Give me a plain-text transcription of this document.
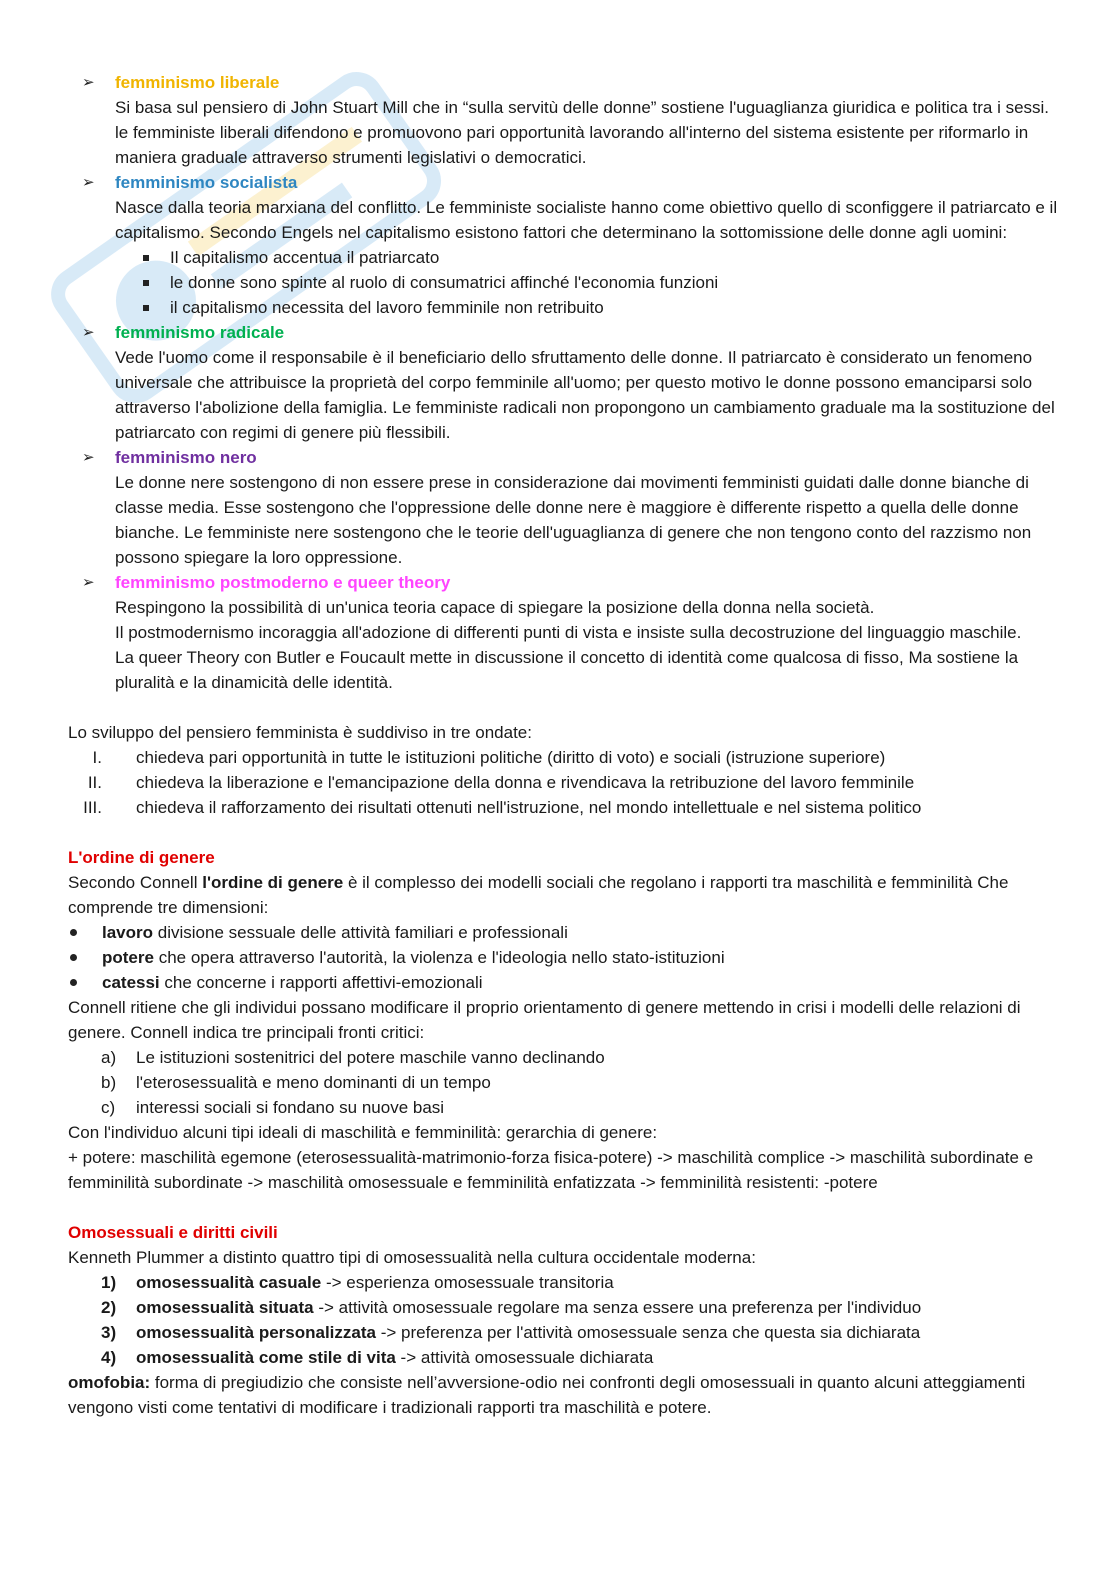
➢	femminismo liberale
Si basa sul pensiero di John Stuart Mill che in “sulla servitù delle donne” sostiene l'uguaglianza giuridica e politica tra i sessi. le femministe liberali difendono e promuovono pari opportunità lavorando all'interno del sistema esistente per riformarlo in maniera graduale attraverso strumenti legislativi o democratici.
➢	femminismo socialista
Nasce dalla teoria marxiana del conflitto. Le femministe socialiste hanno come obiettivo quello di sconfiggere il patriarcato e il capitalismo. Secondo Engels nel capitalismo esistono fattori che determinano la sottomissione delle donne agli uomini:
Il capitalismo accentua il patriarcato
le donne sono spinte al ruolo di consumatrici affinché l'economia funzioni
il capitalismo necessita del lavoro femminile non retribuito
➢	femminismo radicale
Vede l'uomo come il responsabile è il beneficiario dello sfruttamento delle donne. Il patriarcato è considerato un fenomeno universale che attribuisce la proprietà del corpo femminile all'uomo; per questo motivo le donne possono emanciparsi solo attraverso l'abolizione della famiglia. Le femministe radicali non propongono un cambiamento graduale ma la sostituzione del patriarcato con regimi di genere più flessibili.
➢	femminismo nero
Le donne nere sostengono di non essere prese in considerazione dai movimenti femministi guidati dalle donne bianche di classe media. Esse sostengono che l'oppressione delle donne nere è maggiore è differente rispetto a quella delle donne bianche. Le femministe nere sostengono che le teorie dell'uguaglianza di genere che non tengono conto del razzismo non possono spiegare la loro oppressione.
➢	femminismo postmoderno e queer theory
Respingono la possibilità di un'unica teoria capace di spiegare la posizione della donna nella società.
Il postmodernismo incoraggia all'adozione di differenti punti di vista e insiste sulla decostruzione del linguaggio maschile.
La queer Theory con Butler e Foucault mette in discussione il concetto di identità come qualcosa di fisso, Ma sostiene la pluralità e la dinamicità delle identità.
Lo sviluppo del pensiero femminista è suddiviso in tre ondate:
I. chiedeva pari opportunità in tutte le istituzioni politiche (diritto di voto) e sociali (istruzione superiore)
II. chiedeva la liberazione e l'emancipazione della donna e rivendicava la retribuzione del lavoro femminile
III. chiedeva il rafforzamento dei risultati ottenuti nell'istruzione, nel mondo intellettuale e nel sistema politico
L'ordine di genere
Secondo Connell l'ordine di genere è il complesso dei modelli sociali che regolano i rapporti tra maschilità e femminilità Che comprende tre dimensioni:
lavoro divisione sessuale delle attività familiari e professionali
potere che opera attraverso l'autorità, la violenza e l'ideologia nello stato-istituzioni
catessi che concerne i rapporti affettivi-emozionali
Connell ritiene che gli individui possano modificare il proprio orientamento di genere mettendo in crisi i modelli delle relazioni di genere. Connell indica tre principali fronti critici:
a) Le istituzioni sostenitrici del potere maschile vanno declinando
b) l'eterosessualità e meno dominanti di un tempo
c) interessi sociali si fondano su nuove basi
Con l'individuo alcuni tipi ideali di maschilità e femminilità: gerarchia di genere:
+ potere: maschilità egemone (eterosessualità-matrimonio-forza fisica-potere) -> maschilità complice -> maschilità subordinate e femminilità subordinate -> maschilità omosessuale e femminilità enfatizzata -> femminilità resistenti: -potere
Omosessuali e diritti civili
Kenneth Plummer a distinto quattro tipi di omosessualità nella cultura occidentale moderna:
1) omosessualità casuale -> esperienza omosessuale transitoria
2) omosessualità situata -> attività omosessuale regolare ma senza essere una preferenza per l'individuo
3) omosessualità personalizzata -> preferenza per l'attività omosessuale senza che questa sia dichiarata
4) omosessualità come stile di vita -> attività omosessuale dichiarata
omofobia: forma di pregiudizio che consiste nell’avversione-odio nei confronti degli omosessuali in quanto alcuni atteggiamenti vengono visti come tentativi di modificare i tradizionali rapporti tra maschilità e potere.
